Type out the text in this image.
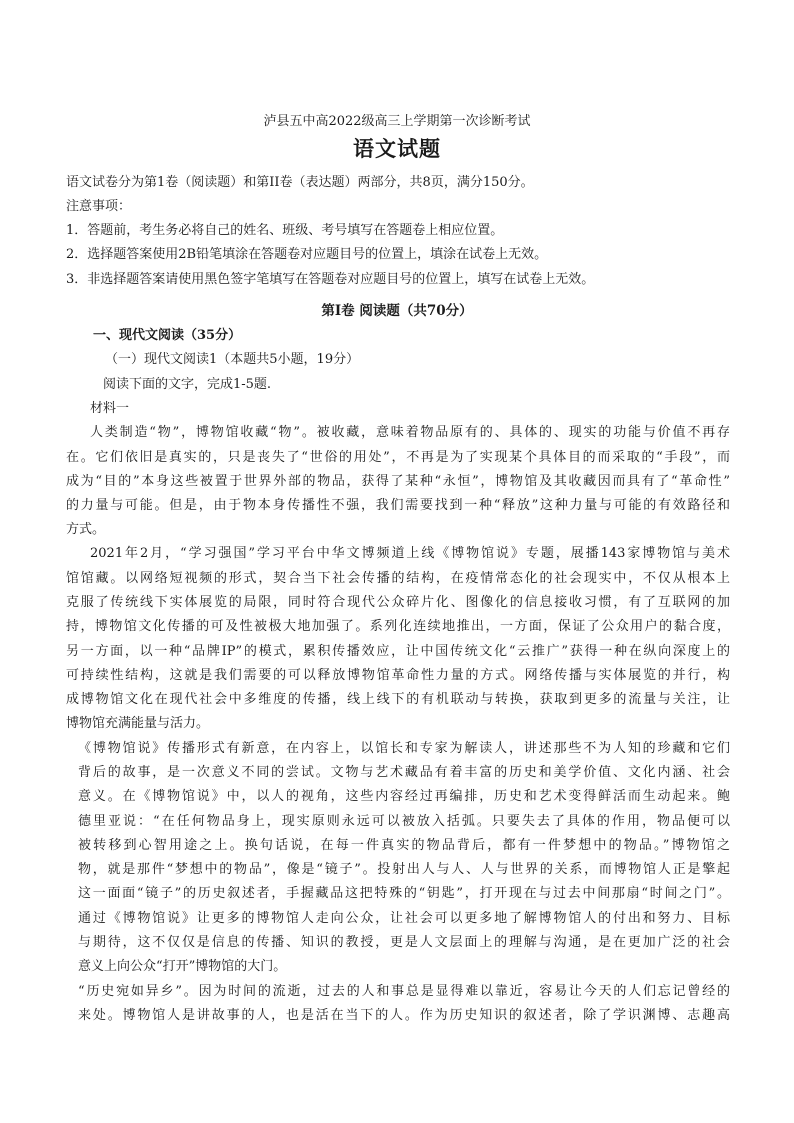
泸县五中高2022级高三上学期第一次诊断考试
语文试题
语文试卷分为第1卷（阅读题）和第II卷（表达题）两部分，共8页，满分150分。
注意事项：
1．答题前，考生务必将自己的姓名、班级、考号填写在答题卷上相应位置。
2．选择题答案使用2B铅笔填涂在答题卷对应题目号的位置上，填涂在试卷上无效。
3．非选择题答案请使用黑色签字笔填写在答题卷对应题目号的位置上，填写在试卷上无效。
第I卷 阅读题（共70分）
一、现代文阅读（35分）
（一）现代文阅读1（本题共5小题，19分）
阅读下面的文字，完成1-5题.
材料一
人类制造“物”，博物馆收藏“物”。被收藏，意味着物品原有的、具体的、现实的功能与价值不再存
在。它们依旧是真实的，只是丧失了“世俗的用处”，不再是为了实现某个具体目的而采取的“手段”，而
成为“目的”本身这些被置于世界外部的物品，获得了某种“永恒”，博物馆及其收藏因而具有了“革命性”
的力量与可能。但是，由于物本身传播性不强，我们需要找到一种“释放”这种力量与可能的有效路径和
方式。
2021年2月，“学习强国”学习平台中华文博频道上线《博物馆说》专题，展播143家博物馆与美术
馆馆藏。以网络短视频的形式，契合当下社会传播的结构，在疫情常态化的社会现实中，不仅从根本上
克服了传统线下实体展览的局限，同时符合现代公众碎片化、图像化的信息接收习惯，有了互联网的加
持，博物馆文化传播的可及性被极大地加强了。系列化连续地推出，一方面，保证了公众用户的黏合度，
另一方面，以一种“品牌IP”的模式，累积传播效应，让中国传统文化“云推广”获得一种在纵向深度上的
可持续性结构，这就是我们需要的可以释放博物馆革命性力量的方式。网络传播与实体展览的并行，构
成博物馆文化在现代社会中多维度的传播，线上线下的有机联动与转换，获取到更多的流量与关注，让
博物馆充满能量与活力。
《博物馆说》传播形式有新意，在内容上，以馆长和专家为解读人，讲述那些不为人知的珍藏和它们
背后的故事，是一次意义不同的尝试。文物与艺术藏品有着丰富的历史和美学价值、文化内涵、社会
意义。在《博物馆说》中，以人的视角，这些内容经过再编排，历史和艺术变得鲜活而生动起来。鲍
德里亚说：“在任何物品身上，现实原则永远可以被放入括弧。只要失去了具体的作用，物品便可以
被转移到心智用途之上。换句话说，在每一件真实的物品背后，都有一件梦想中的物品。”博物馆之
物，就是那件“梦想中的物品”，像是“镜子”。投射出人与人、人与世界的关系，而博物馆人正是擎起
这一面面“镜子”的历史叙述者，手握藏品这把特殊的“钥匙”，打开现在与过去中间那扇“时间之门”。
通过《博物馆说》让更多的博物馆人走向公众，让社会可以更多地了解博物馆人的付出和努力、目标
与期待，这不仅仅是信息的传播、知识的教授，更是人文层面上的理解与沟通，是在更加广泛的社会
意义上向公众“打开”博物馆的大门。
“历史宛如异乡”。因为时间的流逝，过去的人和事总是显得难以靠近，容易让今天的人们忘记曾经的
来处。博物馆人是讲故事的人，也是活在当下的人。作为历史知识的叙述者，除了学识渊博、志趣高
